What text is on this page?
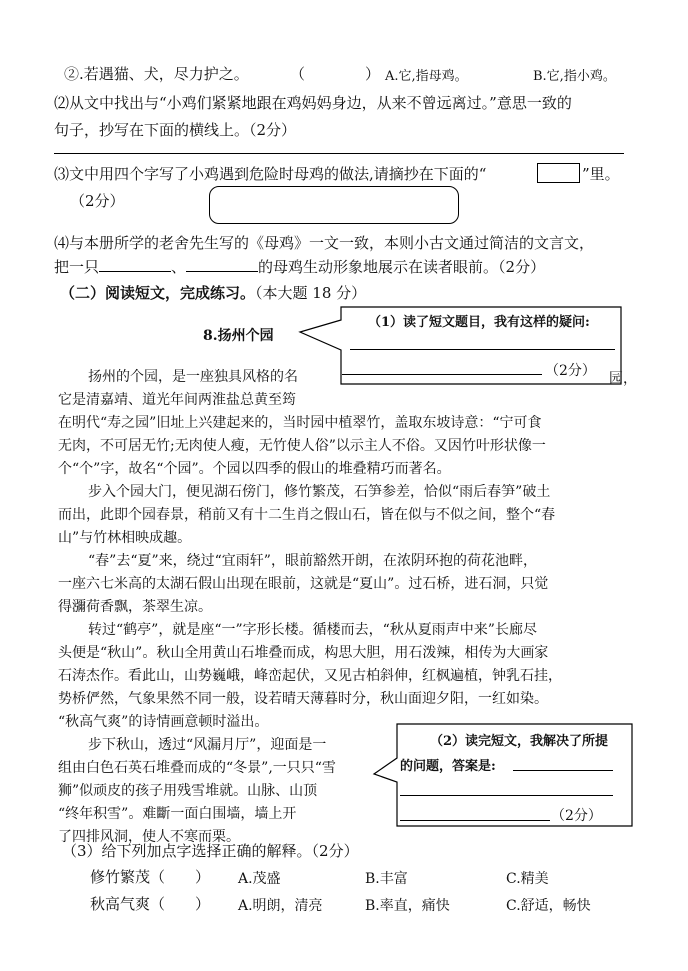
②.若遇猫、犬，尽力护之。	（　　　　） A.它,指母鸡。	B.它,指小鸡。
⑵从文中找出与“小鸡们紧紧地跟在鸡妈妈身边，从来不曾远离过。”意思一致的
句子，抄写在下面的横线上。（2分）
⑶文中用四个字写了小鸡遇到危险时母鸡的做法,请摘抄在下面的“	”里。
（2分）
⑷与本册所学的老舍先生写的《母鸡》一文一致，本则小古文通过简洁的文言文，
把一只	、	的母鸡生动形象地展示在读者眼前。（2分）
（二）阅读短文，完成练习。（本大题 18 分）
8.扬州个园
（1）读了短文题目，我有这样的疑问:
（2分）
扬州的个园，是一座独具风格的名
它是清嘉靖、道光年间两淮盐总黄至筠
园，
在明代“寿之园”旧址上兴建起来的，当时园中植翠竹，盖取东坡诗意：“宁可食
无肉，不可居无竹;无肉使人瘦，无竹使人俗”以示主人不俗。又因竹叶形状像一
个“个”字，故名“个园”。个园以四季的假山的堆叠精巧而著名。
步入个园大门，便见湖石傍门，修竹繁茂，石笋参差，恰似“雨后春笋”破土
而出，此即个园春景，稍前又有十二生肖之假山石，皆在似与不似之间，整个“春
山”与竹林相映成趣。
“春”去“夏”来，绕过“宜雨轩”，眼前豁然开朗，在浓阴环抱的荷花池畔，
一座六七米高的太湖石假山出现在眼前，这就是“夏山”。过石桥，进石洞，只觉
得瀰荷香飘，茶翠生凉。
转过“鹤亭”，就是座“一”字形长楼。循楼而去，“秋从夏雨声中来”长廊尽
头便是“秋山”。秋山全用黄山石堆叠而成，构思大胆，用石泼辣，相传为大画家
石涛杰作。看此山，山势巍峨，峰峦起伏，又见古柏斜伸，红枫遍植，钟乳石挂，
势桥俨然，气象果然不同一般，设若晴天薄暮时分，秋山面迎夕阳，一红如染。
“秋高气爽”的诗情画意顿时溢出。
步下秋山，透过“风漏月厅”，迎面是一
组由白色石英石堆叠而成的“冬景”,一只只“雪
狮”似顽皮的孩子用残雪堆就。山脉、山顶
“终年积雪”。难斷一面白围墙，墙上开
了四排风洞，使人不寒而栗。
（2）读完短文，我解决了所提
的问题，答案是:
（2分）
（3）给下列加点字选择正确的解释。（2分）
修竹繁茂（　　） A.茂盛	B.丰富	C.精美
秋高气爽（　　） A.明朗，清亮	B.率直，痛快	C.舒适，畅快
